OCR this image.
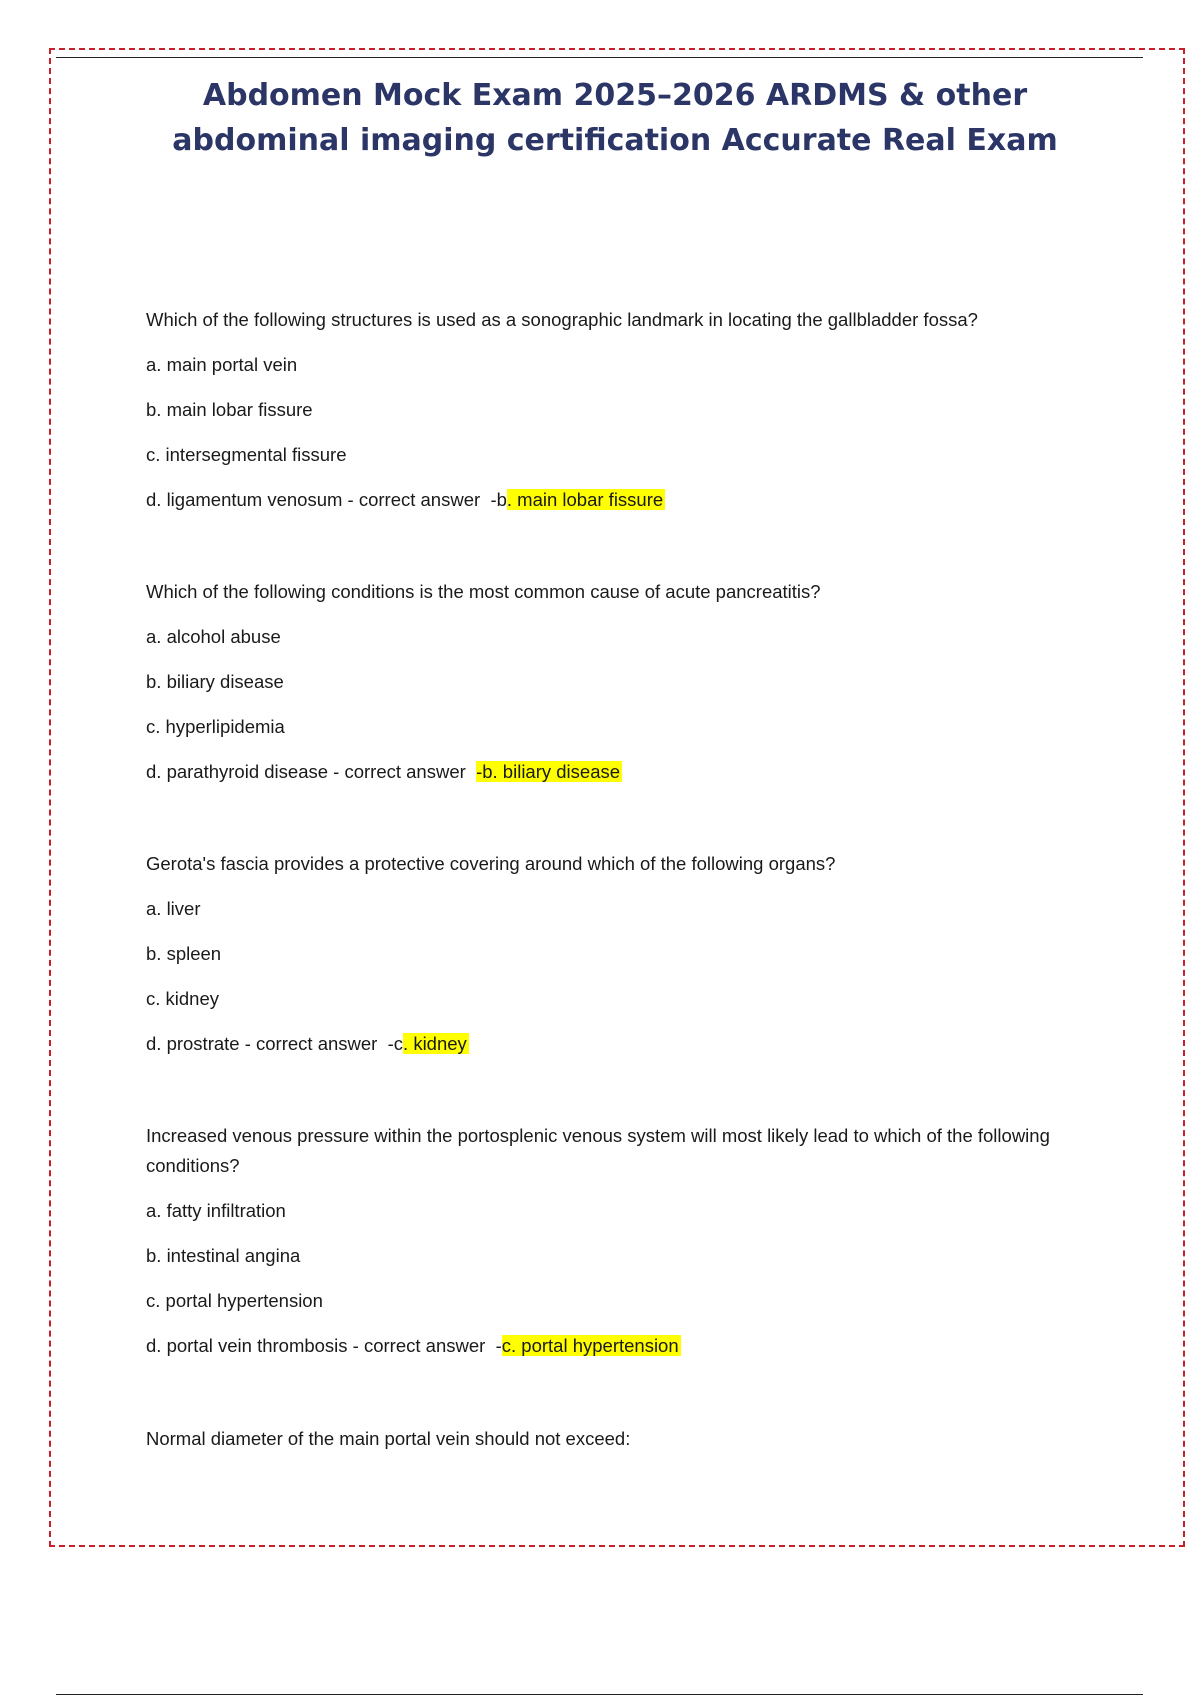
Abdomen Mock Exam 2025–2026 ARDMS & other abdominal imaging certification Accurate Real Exam

Which of the following structures is used as a sonographic landmark in locating the gallbladder fossa?

a. main portal vein

b. main lobar fissure

c. intersegmental fissure

d. ligamentum venosum - correct answer -b. main lobar fissure

Which of the following conditions is the most common cause of acute pancreatitis?

a. alcohol abuse

b. biliary disease

c. hyperlipidemia

d. parathyroid disease - correct answer -b. biliary disease

Gerota's fascia provides a protective covering around which of the following organs?

a. liver

b. spleen

c. kidney

d. prostrate - correct answer -c. kidney

Increased venous pressure within the portosplenic venous system will most likely lead to which of the following conditions?

a. fatty infiltration

b. intestinal angina

c. portal hypertension

d. portal vein thrombosis - correct answer -c. portal hypertension

Normal diameter of the main portal vein should not exceed:
